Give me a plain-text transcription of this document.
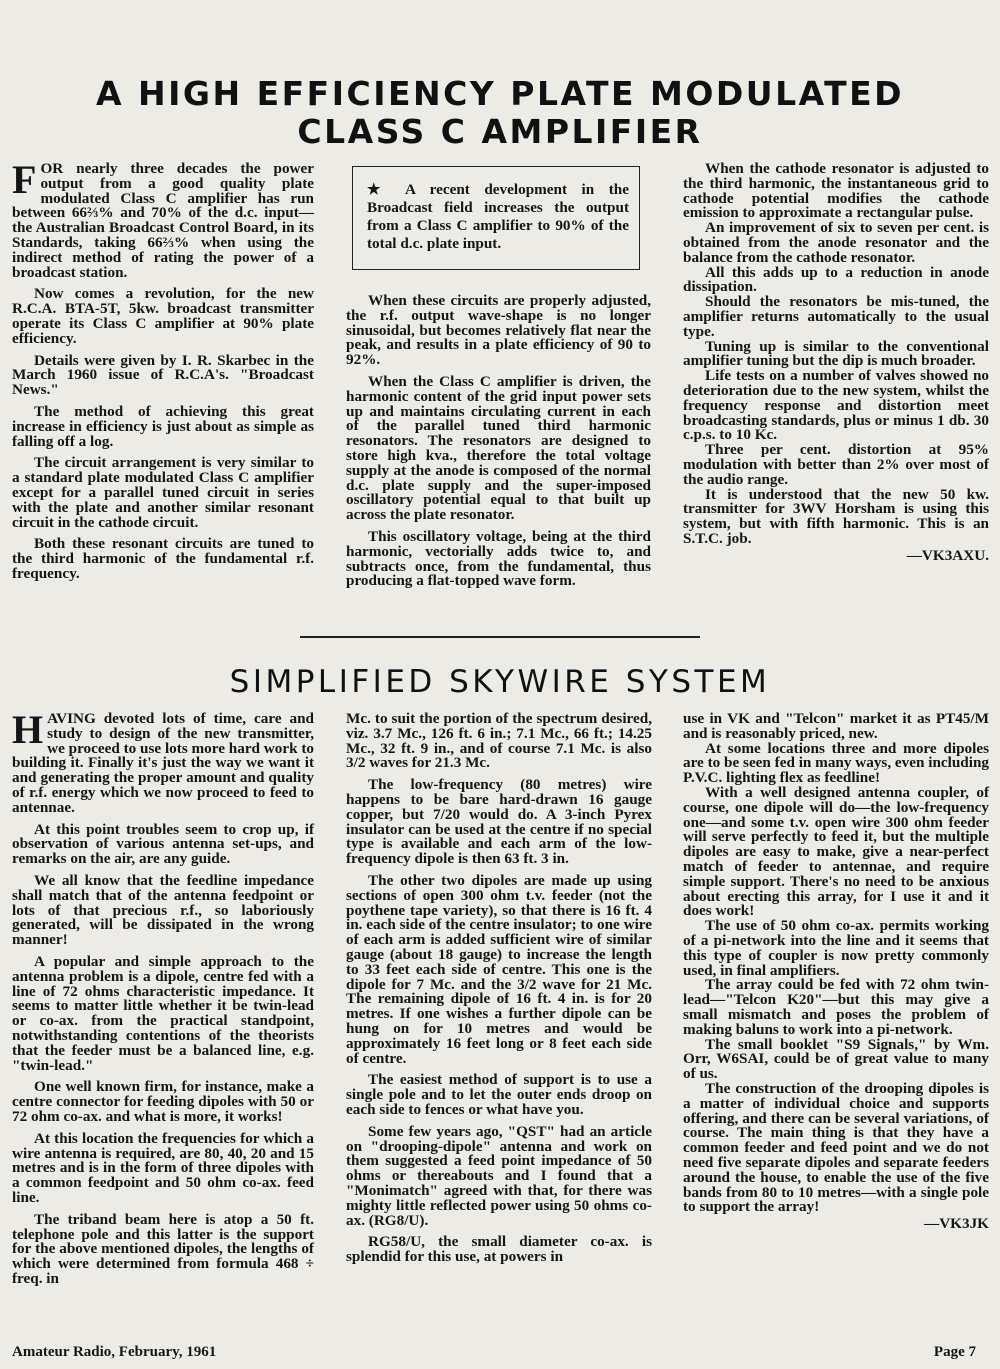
A HIGH EFFICIENCY PLATE MODULATED
CLASS C AMPLIFIER

FOR nearly three decades the power output from a good quality plate modulated Class C amplifier has run between 66⅔% and 70% of the d.c. input—the Australian Broadcast Control Board, in its Standards, taking 66⅔% when using the indirect method of rating the power of a broadcast station.

Now comes a revolution, for the new R.C.A. BTA-5T, 5kw. broadcast transmitter operate its Class C amplifier at 90% plate efficiency.

Details were given by I. R. Skarbec in the March 1960 issue of R.C.A's. "Broadcast News."

The method of achieving this great increase in efficiency is just about as simple as falling off a log.

The circuit arrangement is very similar to a standard plate modulated Class C amplifier except for a parallel tuned circuit in series with the plate and another similar resonant circuit in the cathode circuit.

Both these resonant circuits are tuned to the third harmonic of the fundamental r.f. frequency.

★ A recent development in the Broadcast field increases the output from a Class C amplifier to 90% of the total d.c. plate input.

When these circuits are properly adjusted, the r.f. output wave-shape is no longer sinusoidal, but becomes relatively flat near the peak, and results in a plate efficiency of 90 to 92%.

When the Class C amplifier is driven, the harmonic content of the grid input power sets up and maintains circulating current in each of the parallel tuned third harmonic resonators. The resonators are designed to store high kva., therefore the total voltage supply at the anode is composed of the normal d.c. plate supply and the super-imposed oscillatory potential equal to that built up across the plate resonator.

This oscillatory voltage, being at the third harmonic, vectorially adds twice to, and subtracts once, from the fundamental, thus producing a flat-topped wave form.

When the cathode resonator is adjusted to the third harmonic, the instantaneous grid to cathode potential modifies the cathode emission to approximate a rectangular pulse.

An improvement of six to seven per cent. is obtained from the anode resonator and the balance from the cathode resonator.

All this adds up to a reduction in anode dissipation.

Should the resonators be mis-tuned, the amplifier returns automatically to the usual type.

Tuning up is similar to the conventional amplifier tuning but the dip is much broader.

Life tests on a number of valves showed no deterioration due to the new system, whilst the frequency response and distortion meet broadcasting standards, plus or minus 1 db. 30 c.p.s. to 10 Kc.

Three per cent. distortion at 95% modulation with better than 2% over most of the audio range.

It is understood that the new 50 kw. transmitter for 3WV Horsham is using this system, but with fifth harmonic. This is an S.T.C. job.

—VK3AXU.
SIMPLIFIED SKYWIRE SYSTEM

HAVING devoted lots of time, care and study to design of the new transmitter, we proceed to use lots more hard work to building it. Finally it's just the way we want it and generating the proper amount and quality of r.f. energy which we now proceed to feed to antennae.

At this point troubles seem to crop up, if observation of various antenna set-ups, and remarks on the air, are any guide.

We all know that the feedline impedance shall match that of the antenna feedpoint or lots of that precious r.f., so laboriously generated, will be dissipated in the wrong manner!

A popular and simple approach to the antenna problem is a dipole, centre fed with a line of 72 ohms characteristic impedance. It seems to matter little whether it be twin-lead or co-ax. from the practical standpoint, notwithstanding contentions of the theorists that the feeder must be a balanced line, e.g. "twin-lead."

One well known firm, for instance, make a centre connector for feeding dipoles with 50 or 72 ohm co-ax. and what is more, it works!

At this location the frequencies for which a wire antenna is required, are 80, 40, 20 and 15 metres and is in the form of three dipoles with a common feedpoint and 50 ohm co-ax. feed line.

The triband beam here is atop a 50 ft. telephone pole and this latter is the support for the above mentioned dipoles, the lengths of which were determined from formula 468 ÷ freq. in

Mc. to suit the portion of the spectrum desired, viz. 3.7 Mc., 126 ft. 6 in.; 7.1 Mc., 66 ft.; 14.25 Mc., 32 ft. 9 in., and of course 7.1 Mc. is also 3/2 waves for 21.3 Mc.

The low-frequency (80 metres) wire happens to be bare hard-drawn 16 gauge copper, but 7/20 would do. A 3-inch Pyrex insulator can be used at the centre if no special type is available and each arm of the low-frequency dipole is then 63 ft. 3 in.

The other two dipoles are made up using sections of open 300 ohm t.v. feeder (not the poythene tape variety), so that there is 16 ft. 4 in. each side of the centre insulator; to one wire of each arm is added sufficient wire of similar gauge (about 18 gauge) to increase the length to 33 feet each side of centre. This one is the dipole for 7 Mc. and the 3/2 wave for 21 Mc. The remaining dipole of 16 ft. 4 in. is for 20 metres. If one wishes a further dipole can be hung on for 10 metres and would be approximately 16 feet long or 8 feet each side of centre.

The easiest method of support is to use a single pole and to let the outer ends droop on each side to fences or what have you.

Some few years ago, "QST" had an article on "drooping-dipole" antenna and work on them suggested a feed point impedance of 50 ohms or thereabouts and I found that a "Monimatch" agreed with that, for there was mighty little reflected power using 50 ohms co-ax. (RG8/U).

RG58/U, the small diameter co-ax. is splendid for this use, at powers in

use in VK and "Telcon" market it as PT45/M and is reasonably priced, new.

At some locations three and more dipoles are to be seen fed in many ways, even including P.V.C. lighting flex as feedline!

With a well designed antenna coupler, of course, one dipole will do—the low-frequency one—and some t.v. open wire 300 ohm feeder will serve perfectly to feed it, but the multiple dipoles are easy to make, give a near-perfect match of feeder to antennae, and require simple support. There's no need to be anxious about erecting this array, for I use it and it does work!

The use of 50 ohm co-ax. permits working of a pi-network into the line and it seems that this type of coupler is now pretty commonly used, in final amplifiers.

The array could be fed with 72 ohm twin-lead—"Telcon K20"—but this may give a small mismatch and poses the problem of making baluns to work into a pi-network.

The small booklet "S9 Signals," by Wm. Orr, W6SAI, could be of great value to many of us.

The construction of the drooping dipoles is a matter of individual choice and supports offering, and there can be several variations, of course. The main thing is that they have a common feeder and feed point and we do not need five separate dipoles and separate feeders around the house, to enable the use of the five bands from 80 to 10 metres—with a single pole to support the array!

—VK3JK
Amateur Radio, February, 1961	Page 7
